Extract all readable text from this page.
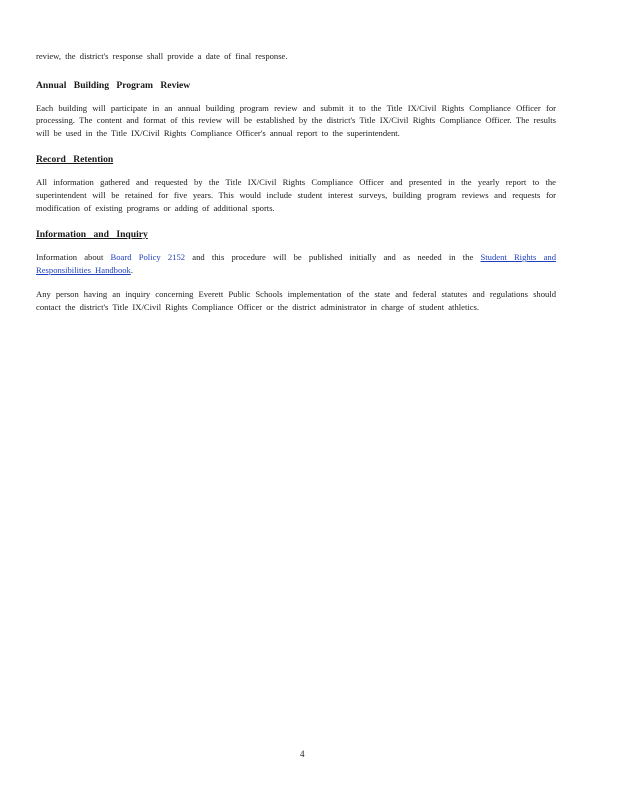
review, the district's response shall provide a date of final response.

Annual Building Program Review

Each building will participate in an annual building program review and submit it to the Title IX/Civil Rights Compliance Officer for processing. The content and format of this review will be established by the district's Title IX/Civil Rights Compliance Officer. The results will be used in the Title IX/Civil Rights Compliance Officer's annual report to the superintendent.

Record Retention

All information gathered and requested by the Title IX/Civil Rights Compliance Officer and presented in the yearly report to the superintendent will be retained for five years. This would include student interest surveys, building program reviews and requests for modification of existing programs or adding of additional sports.

Information and Inquiry

Information about Board Policy 2152 and this procedure will be published initially and as needed in the Student Rights and Responsibilities Handbook.

Any person having an inquiry concerning Everett Public Schools implementation of the state and federal statutes and regulations should contact the district's Title IX/Civil Rights Compliance Officer or the district administrator in charge of student athletics.

4
